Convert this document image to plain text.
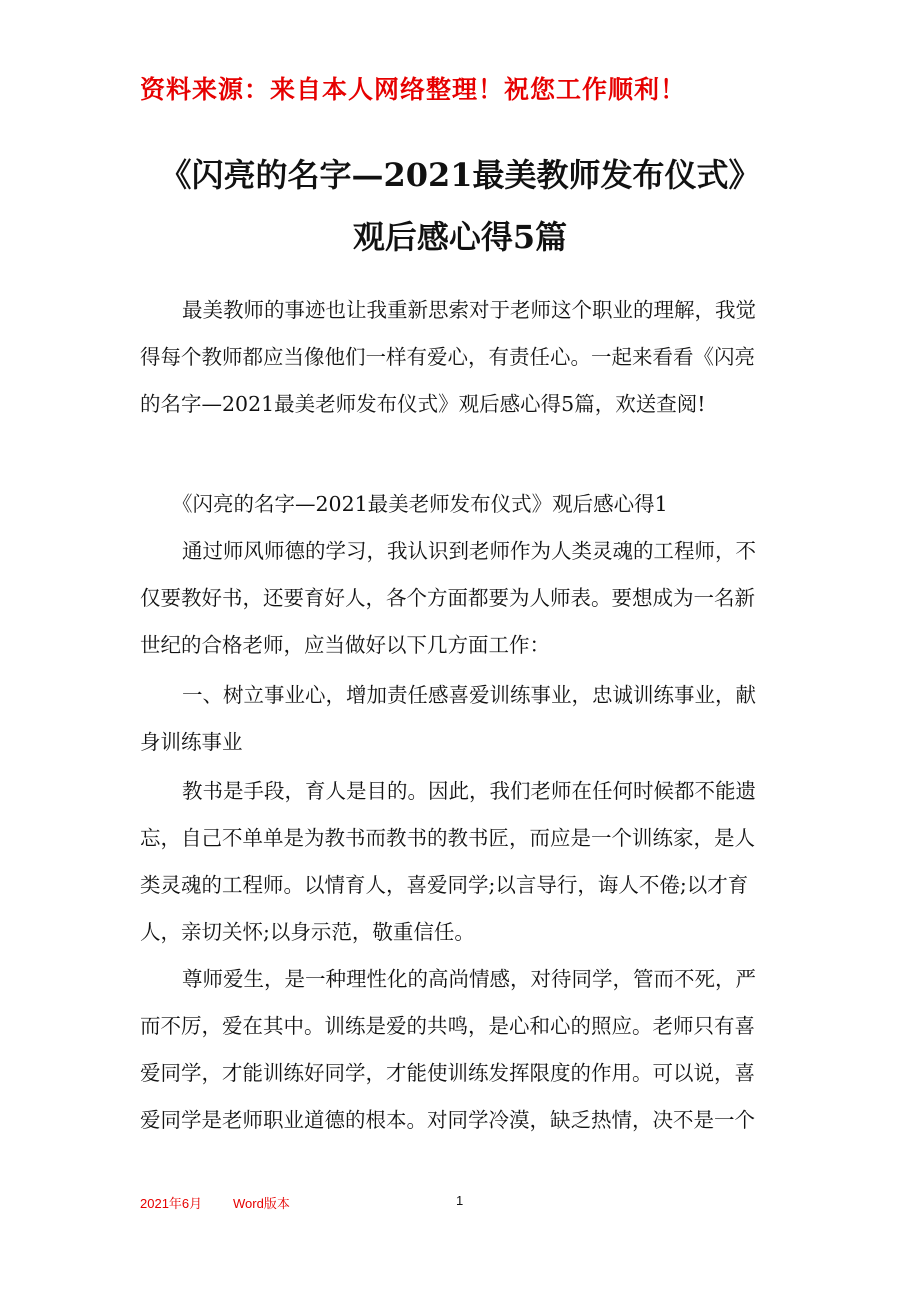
资料来源：来自本人网络整理！祝您工作顺利！
《闪亮的名字—2021最美教师发布仪式》
观后感心得5篇
最美教师的事迹也让我重新思索对于老师这个职业的理解，我觉
得每个教师都应当像他们一样有爱心，有责任心。一起来看看《闪亮
的名字—2021最美老师发布仪式》观后感心得5篇，欢送查阅!
《闪亮的名字—2021最美老师发布仪式》观后感心得1
通过师风师德的学习，我认识到老师作为人类灵魂的工程师，不
仅要教好书，还要育好人，各个方面都要为人师表。要想成为一名新
世纪的合格老师，应当做好以下几方面工作：
一、树立事业心，增加责任感喜爱训练事业，忠诚训练事业，献
身训练事业
教书是手段，育人是目的。因此，我们老师在任何时候都不能遗
忘，自己不单单是为教书而教书的教书匠，而应是一个训练家，是人
类灵魂的工程师。以情育人，喜爱同学;以言导行，诲人不倦;以才育
人，亲切关怀;以身示范，敬重信任。
尊师爱生，是一种理性化的高尚情感，对待同学，管而不死，严
而不厉，爱在其中。训练是爱的共鸣，是心和心的照应。老师只有喜
爱同学，才能训练好同学，才能使训练发挥限度的作用。可以说，喜
爱同学是老师职业道德的根本。对同学冷漠，缺乏热情，决不是一个
2021年6月 Word版本	1
